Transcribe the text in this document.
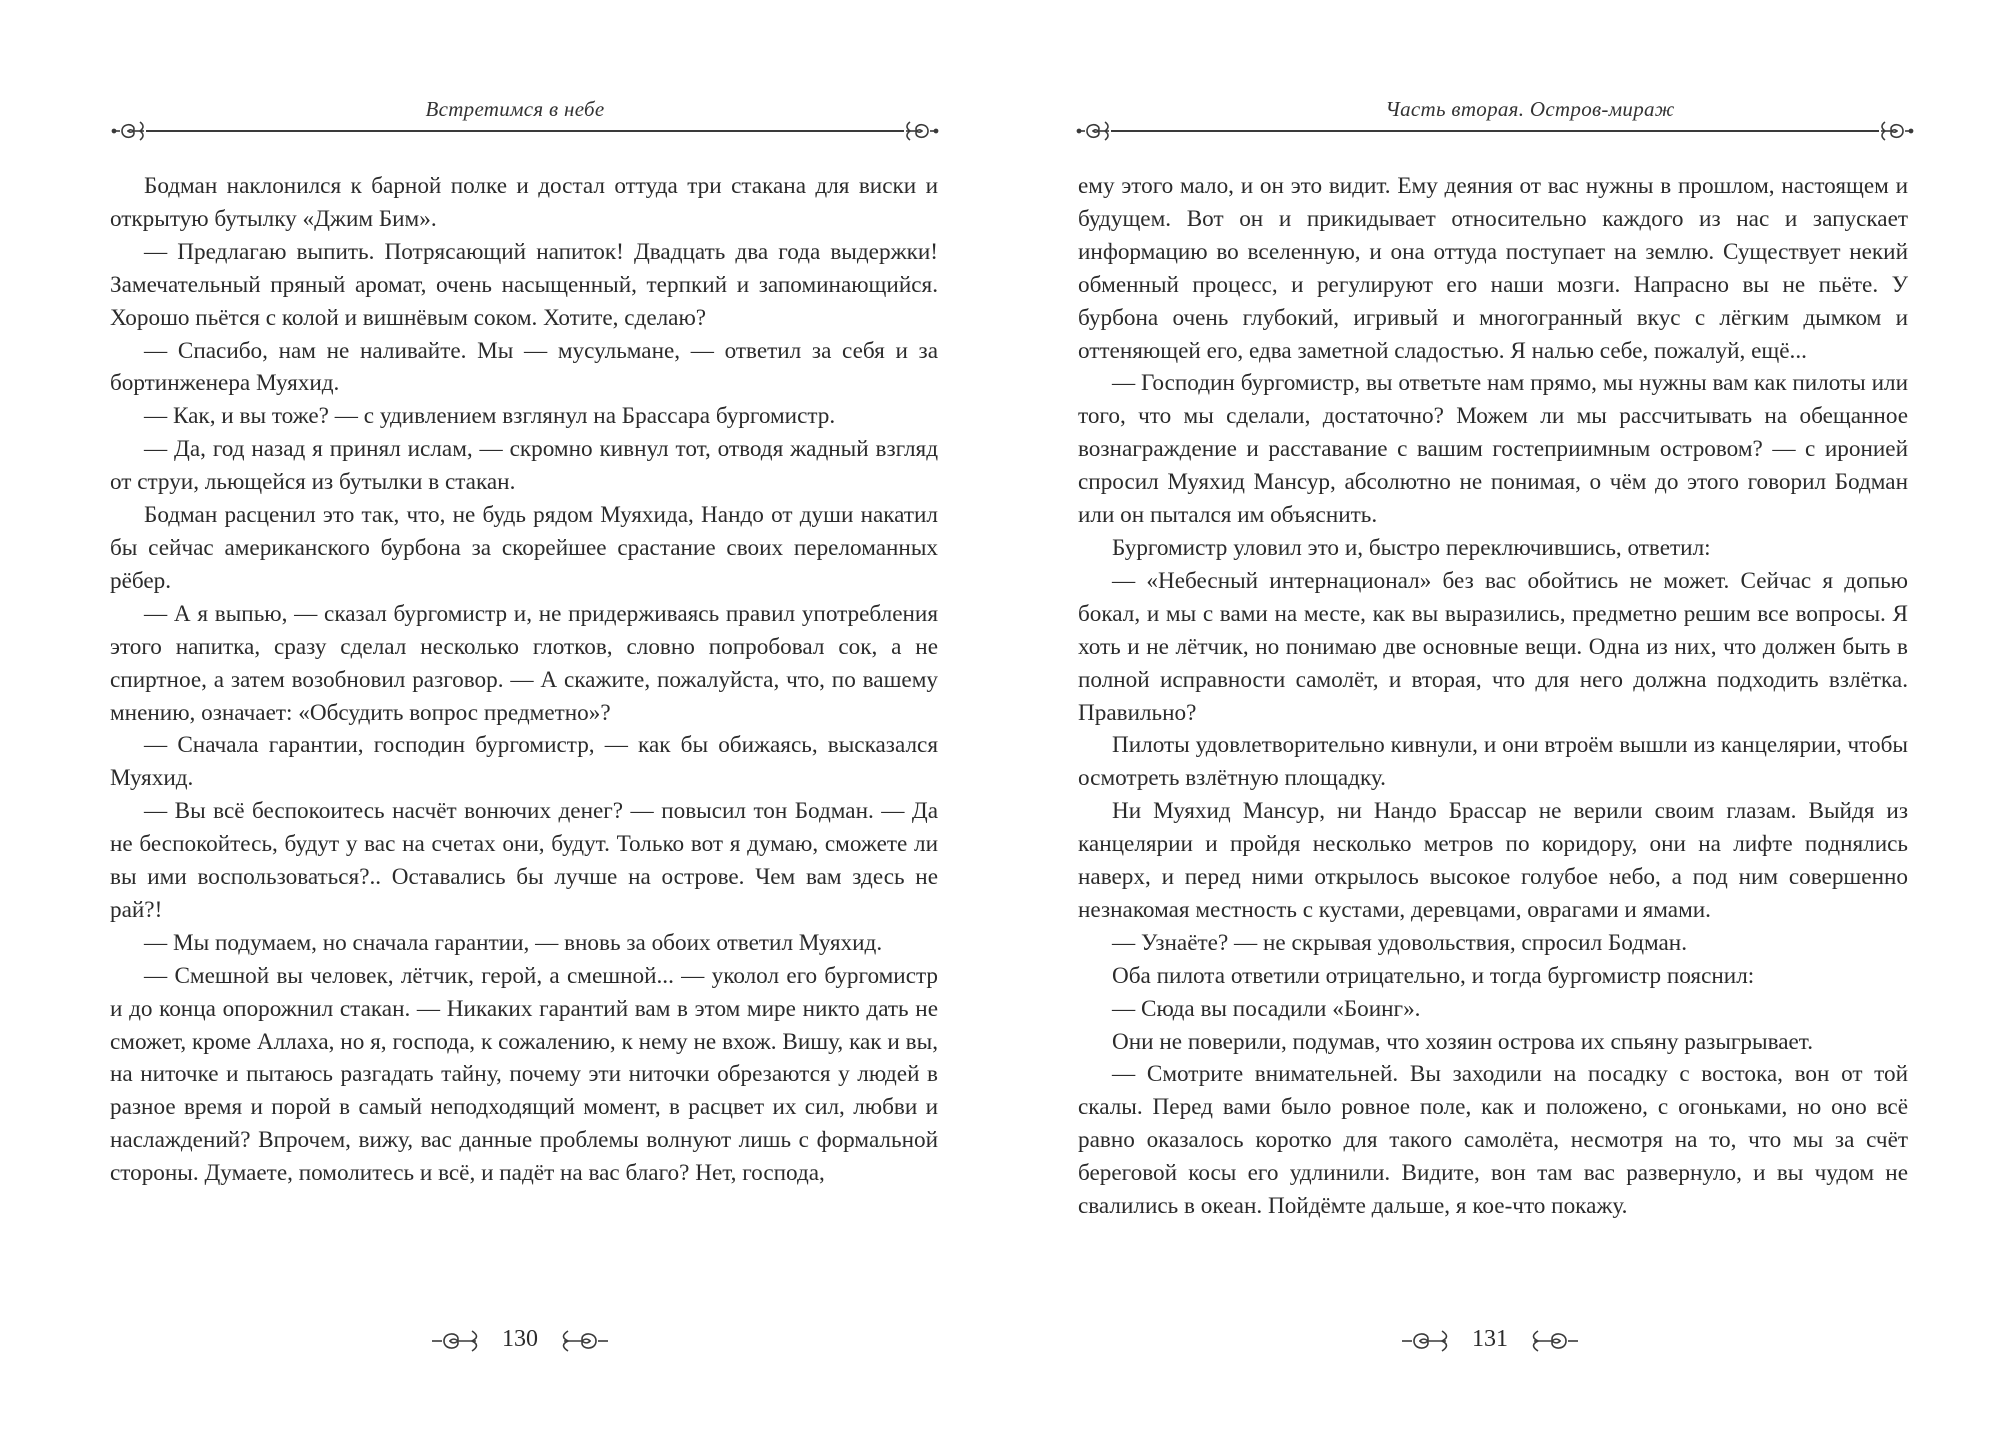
Встретимся в небе

Бодман наклонился к барной полке и достал оттуда три стакана для виски и открытую бутылку «Джим Бим».

— Предлагаю выпить. Потрясающий напиток! Двадцать два года выдержки! Замечательный пряный аромат, очень насыщенный, терпкий и запоминающийся. Хорошо пьётся с колой и вишнёвым соком. Хотите, сделаю?

— Спасибо, нам не наливайте. Мы — мусульмане, — ответил за себя и за бортинженера Муяхид.

— Как, и вы тоже? — с удивлением взглянул на Брассара бургомистр.

— Да, год назад я принял ислам, — скромно кивнул тот, отводя жадный взгляд от струи, льющейся из бутылки в стакан.

Бодман расценил это так, что, не будь рядом Муяхида, Нандо от души накатил бы сейчас американского бурбона за скорейшее срастание своих переломанных рёбер.

— А я выпью, — сказал бургомистр и, не придерживаясь правил употребления этого напитка, сразу сделал несколько глотков, словно попробовал сок, а не спиртное, а затем возобновил разговор. — А скажите, пожалуйста, что, по вашему мнению, означает: «Обсудить вопрос предметно»?

— Сначала гарантии, господин бургомистр, — как бы обижаясь, высказался Муяхид.

— Вы всё беспокоитесь насчёт вонючих денег? — повысил тон Бодман. — Да не беспокойтесь, будут у вас на счетах они, будут. Только вот я думаю, сможете ли вы ими воспользоваться?.. Оставались бы лучше на острове. Чем вам здесь не рай?!

— Мы подумаем, но сначала гарантии, — вновь за обоих ответил Муяхид.

— Смешной вы человек, лётчик, герой, а смешной... — уколол его бургомистр и до конца опорожнил стакан. — Никаких гарантий вам в этом мире никто дать не сможет, кроме Аллаха, но я, господа, к сожалению, к нему не вхож. Вишу, как и вы, на ниточке и пытаюсь разгадать тайну, почему эти ниточки обрезаются у людей в разное время и порой в самый неподходящий момент, в расцвет их сил, любви и наслаждений? Впрочем, вижу, вас данные проблемы волнуют лишь с формальной стороны. Думаете, помолитесь и всё, и падёт на вас благо? Нет, господа,

130
Часть вторая. Остров-мираж

ему этого мало, и он это видит. Ему деяния от вас нужны в прошлом, настоящем и будущем. Вот он и прикидывает относительно каждого из нас и запускает информацию во вселенную, и она оттуда поступает на землю. Существует некий обменный процесс, и регулируют его наши мозги. Напрасно вы не пьёте. У бурбона очень глубокий, игривый и многогранный вкус с лёгким дымком и оттеняющей его, едва заметной сладостью. Я налью себе, пожалуй, ещё...

— Господин бургомистр, вы ответьте нам прямо, мы нужны вам как пилоты или того, что мы сделали, достаточно? Можем ли мы рассчитывать на обещанное вознаграждение и расставание с вашим гостеприимным островом? — с иронией спросил Муяхид Мансур, абсолютно не понимая, о чём до этого говорил Бодман или он пытался им объяснить.

Бургомистр уловил это и, быстро переключившись, ответил:

— «Небесный интернационал» без вас обойтись не может. Сейчас я допью бокал, и мы с вами на месте, как вы выразились, предметно решим все вопросы. Я хоть и не лётчик, но понимаю две основные вещи. Одна из них, что должен быть в полной исправности самолёт, и вторая, что для него должна подходить взлётка. Правильно?

Пилоты удовлетворительно кивнули, и они втроём вышли из канцелярии, чтобы осмотреть взлётную площадку.

Ни Муяхид Мансур, ни Нандо Брассар не верили своим глазам. Выйдя из канцелярии и пройдя несколько метров по коридору, они на лифте поднялись наверх, и перед ними открылось высокое голубое небо, а под ним совершенно незнакомая местность с кустами, деревцами, оврагами и ямами.

— Узнаёте? — не скрывая удовольствия, спросил Бодман.

Оба пилота ответили отрицательно, и тогда бургомистр пояснил:

— Сюда вы посадили «Боинг».

Они не поверили, подумав, что хозяин острова их спьяну разыгрывает.

— Смотрите внимательней. Вы заходили на посадку с востока, вон от той скалы. Перед вами было ровное поле, как и положено, с огоньками, но оно всё равно оказалось коротко для такого самолёта, несмотря на то, что мы за счёт береговой косы его удлинили. Видите, вон там вас развернуло, и вы чудом не свалились в океан. Пойдёмте дальше, я кое-что покажу.

131
